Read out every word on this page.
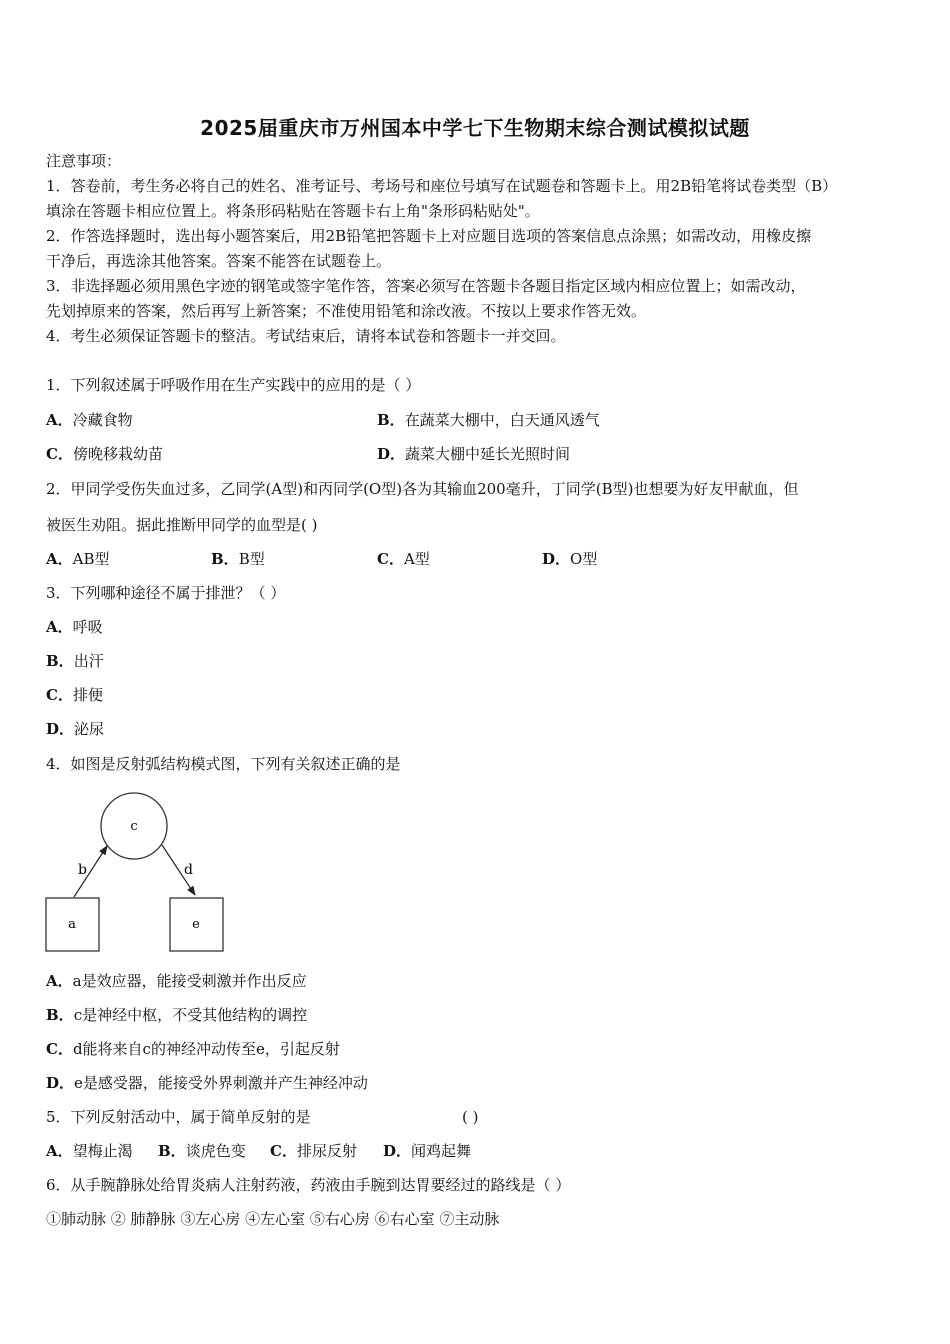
2025届重庆市万州国本中学七下生物期末综合测试模拟试题
注意事项：
1．答卷前，考生务必将自己的姓名、准考证号、考场号和座位号填写在试题卷和答题卡上。用2B铅笔将试卷类型（B）
填涂在答题卡相应位置上。将条形码粘贴在答题卡右上角"条形码粘贴处"。
2．作答选择题时，选出每小题答案后，用2B铅笔把答题卡上对应题目选项的答案信息点涂黑；如需改动，用橡皮擦
干净后，再选涂其他答案。答案不能答在试题卷上。
3．非选择题必须用黑色字迹的钢笔或签字笔作答，答案必须写在答题卡各题目指定区域内相应位置上；如需改动，
先划掉原来的答案，然后再写上新答案；不准使用铅笔和涂改液。不按以上要求作答无效。
4．考生必须保证答题卡的整洁。考试结束后，请将本试卷和答题卡一并交回。
1．下列叙述属于呼吸作用在生产实践中的应用的是（ ）
A．冷藏食物	B．在蔬菜大棚中，白天通风透气
C．傍晚移栽幼苗	D．蔬菜大棚中延长光照时间
2．甲同学受伤失血过多，乙同学(A型)和丙同学(O型)各为其输血200毫升，丁同学(B型)也想要为好友甲献血，但
被医生劝阻。据此推断甲同学的血型是( )
A．AB型	B．B型	C．A型	D．O型
3．下列哪种途径不属于排泄？（ ）
A．呼吸
B．出汗
C．排便
D．泌尿
4．如图是反射弧结构模式图，下列有关叙述正确的是
c
a	e
b	d
A．a是效应器，能接受刺激并作出反应
B．c是神经中枢，不受其他结构的调控
C．d能将来自c的神经冲动传至e，引起反射
D．e是感受器，能接受外界刺激并产生神经冲动
5．下列反射活动中，属于简单反射的是	( )
A．望梅止渴 B．谈虎色变 C．排尿反射 D．闻鸡起舞
6．从手腕静脉处给胃炎病人注射药液，药液由手腕到达胃要经过的路线是（ ）
①肺动脉 ② 肺静脉 ③左心房 ④左心室 ⑤右心房 ⑥右心室 ⑦主动脉
